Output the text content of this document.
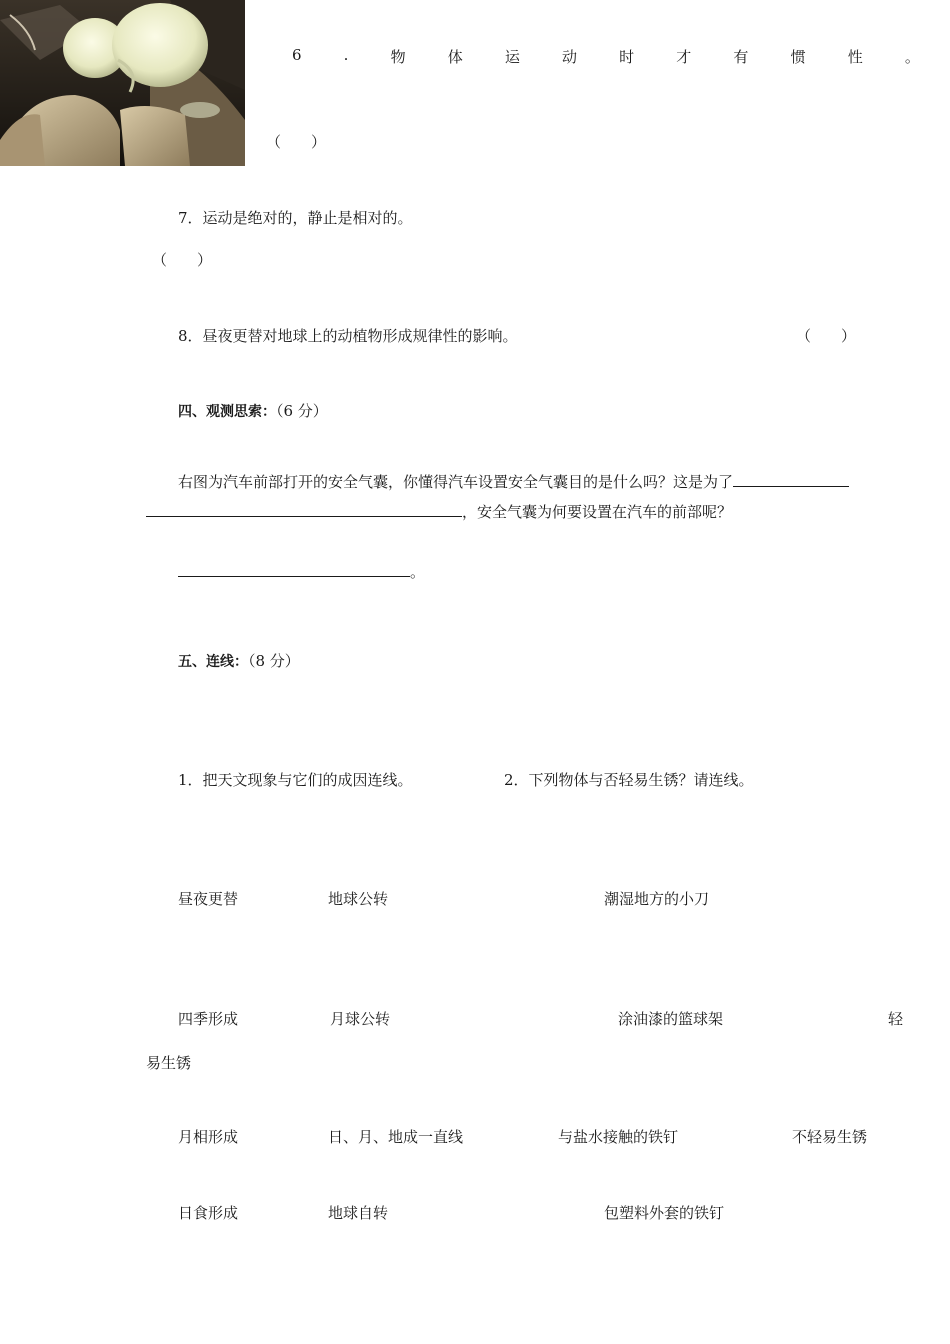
6	.	物	体	运	动	时	才	有	惯	性	。
（　　）
7．运动是绝对的，静止是相对的。
（　　）
8．昼夜更替对地球上的动植物形成规律性的影响。	（　　）
四、观测思索：（6 分）
右图为汽车前部打开的安全气囊，你懂得汽车设置安全气囊目的是什么吗？这是为了
，安全气囊为何要设置在汽车的前部呢？
。
五、连线：（8 分）
1．把天文现象与它们的成因连线。	2．下列物体与否轻易生锈？请连线。
昼夜更替	地球公转	潮湿地方的小刀
四季形成	月球公转	涂油漆的篮球架	轻
易生锈
月相形成	日、月、地成一直线	与盐水接触的铁钉	不轻易生锈
日食形成	地球自转	包塑料外套的铁钉
